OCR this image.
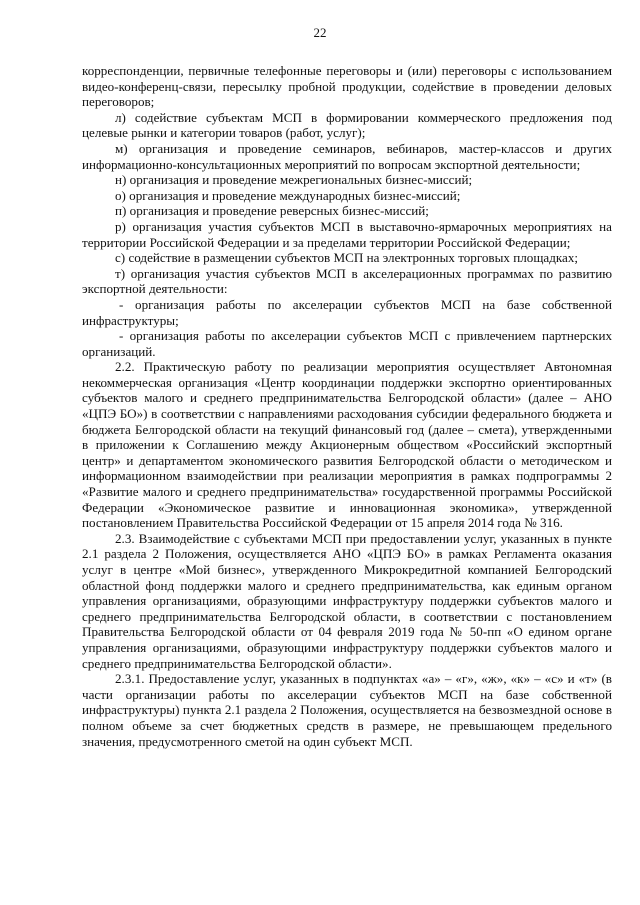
22

корреспонденции, первичные телефонные переговоры и (или) переговоры с использованием видео-конференц-связи, пересылку пробной продукции, содействие в проведении деловых переговоров;

л) содействие субъектам МСП в формировании коммерческого предложения под целевые рынки и категории товаров (работ, услуг);

м) организация и проведение семинаров, вебинаров, мастер-классов и других информационно-консультационных мероприятий по вопросам экспортной деятельности;

н) организация и проведение межрегиональных бизнес-миссий;

о) организация и проведение международных бизнес-миссий;

п) организация и проведение реверсных бизнес-миссий;

р) организация участия субъектов МСП в выставочно-ярмарочных мероприятиях на территории Российской Федерации и за пределами территории Российской Федерации;

с) содействие в размещении субъектов МСП на электронных торговых площадках;

т) организация участия субъектов МСП в акселерационных программах по развитию экспортной деятельности:

- организация работы по акселерации субъектов МСП на базе собственной инфраструктуры;

- организация работы по акселерации субъектов МСП с привлечением партнерских организаций.

2.2. Практическую работу по реализации мероприятия осуществляет Автономная некоммерческая организация «Центр координации поддержки экспортно ориентированных субъектов малого и среднего предпринимательства Белгородской области» (далее – АНО «ЦПЭ БО») в соответствии с направлениями расходования субсидии федерального бюджета и бюджета Белгородской области на текущий финансовый год (далее – смета), утвержденными в приложении к Соглашению между Акционерным обществом «Российский экспортный центр» и департаментом экономического развития Белгородской области о методическом и информационном взаимодействии при реализации мероприятия в рамках подпрограммы 2 «Развитие малого и среднего предпринимательства» государственной программы Российской Федерации «Экономическое развитие и инновационная экономика», утвержденной постановлением Правительства Российской Федерации от 15 апреля 2014 года № 316.

2.3. Взаимодействие с субъектами МСП при предоставлении услуг, указанных в пункте 2.1 раздела 2 Положения, осуществляется АНО «ЦПЭ БО» в рамках Регламента оказания услуг в центре «Мой бизнес», утвержденного Микрокредитной компанией Белгородский областной фонд поддержки малого и среднего предпринимательства, как единым органом управления организациями, образующими инфраструктуру поддержки субъектов малого и среднего предпринимательства Белгородской области, в соответствии с постановлением Правительства Белгородской области от 04 февраля 2019 года № 50-пп «О едином органе управления организациями, образующими инфраструктуру поддержки субъектов малого и среднего предпринимательства Белгородской области».

2.3.1. Предоставление услуг, указанных в подпунктах «а» – «г», «ж», «к» – «с» и «т» (в части организации работы по акселерации субъектов МСП на базе собственной инфраструктуры) пункта 2.1 раздела 2 Положения, осуществляется на безвозмездной основе в полном объеме за счет бюджетных средств в размере, не превышающем предельного значения, предусмотренного сметой на один субъект МСП.
